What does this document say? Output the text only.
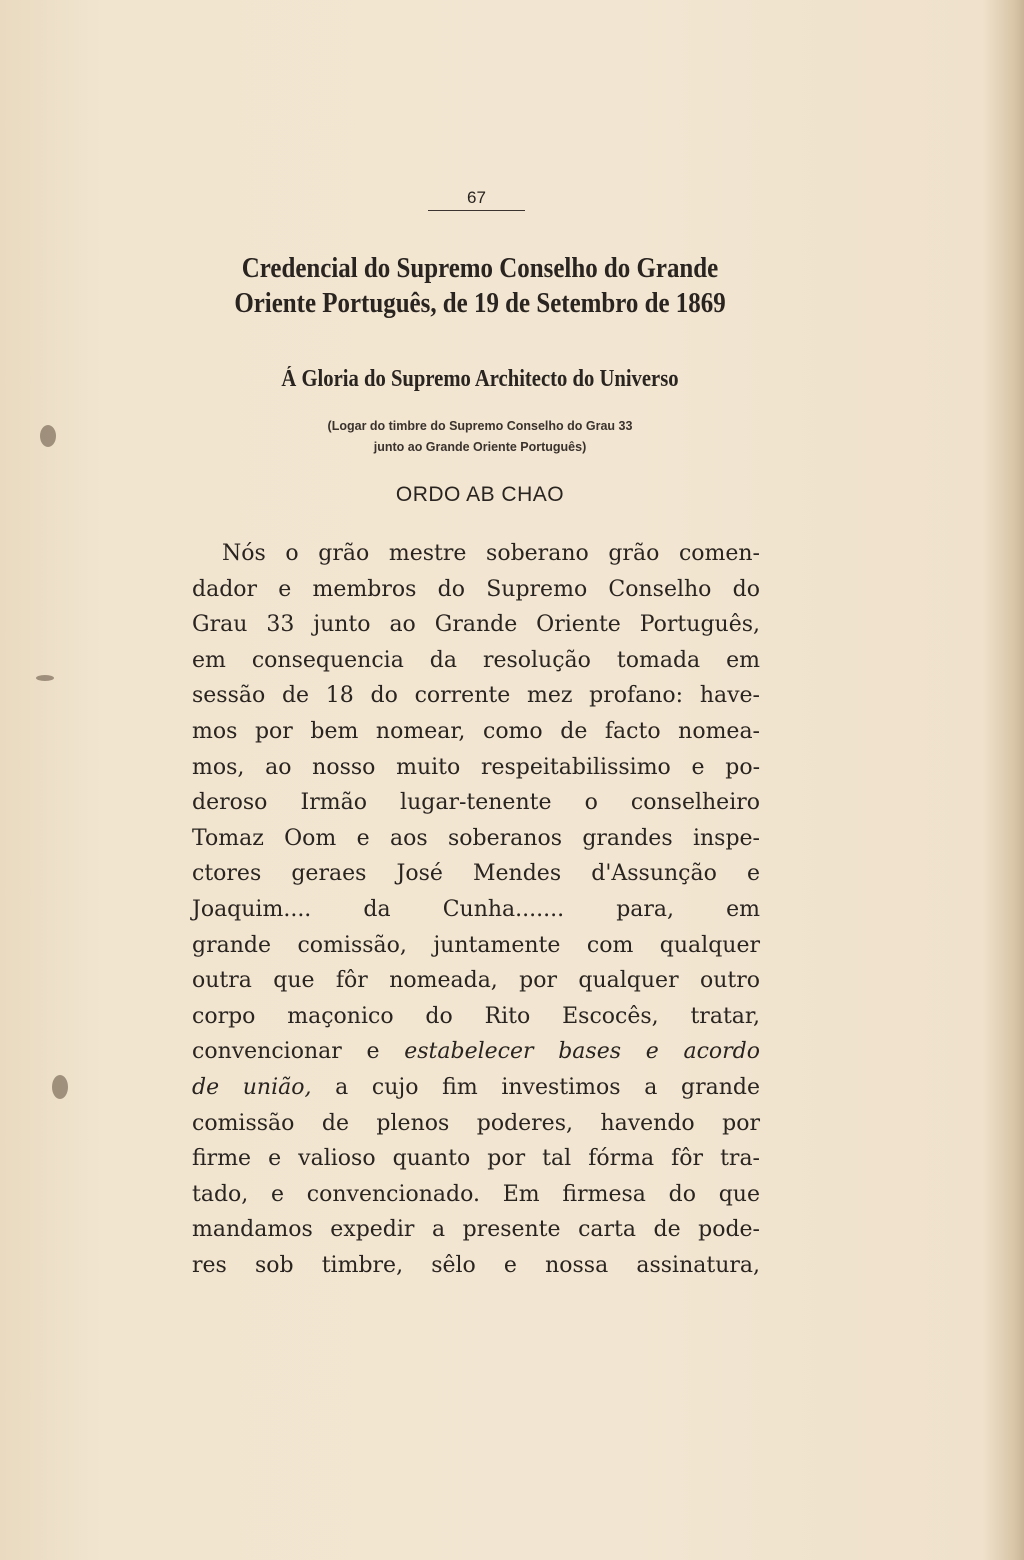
67
Credencial do Supremo Conselho do Grande
Oriente Português, de 19 de Setembro de 1869
Á Gloria do Supremo Architecto do Universo
(Logar do timbre do Supremo Conselho do Grau 33
junto ao Grande Oriente Português)
ORDO AB CHAO
Nós o grão mestre soberano grão comen-
dador e membros do Supremo Conselho do
Grau 33 junto ao Grande Oriente Português,
em consequencia da resolução tomada em
sessão de 18 do corrente mez profano: have-
mos por bem nomear, como de facto nomea-
mos, ao nosso muito respeitabilissimo e po-
deroso Irmão lugar-tenente o conselheiro
Tomaz Oom e aos soberanos grandes inspe-
ctores geraes José Mendes d'Assunção e
Joaquim.... da Cunha....... para, em
grande comissão, juntamente com qualquer
outra que fôr nomeada, por qualquer outro
corpo maçonico do Rito Escocês, tratar,
convencionar e estabelecer bases e acordo
de união, a cujo fim investimos a grande
comissão de plenos poderes, havendo por
firme e valioso quanto por tal fórma fôr tra-
tado, e convencionado. Em firmesa do que
mandamos expedir a presente carta de pode-
res sob timbre, sêlo e nossa assinatura,
